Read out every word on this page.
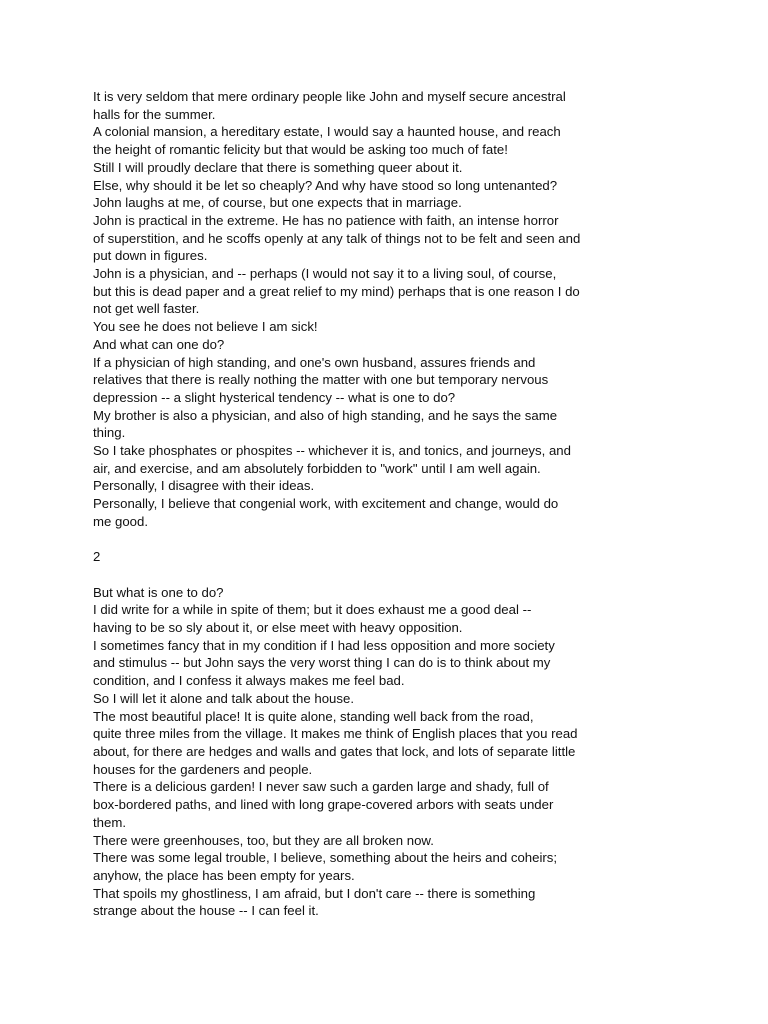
It is very seldom that mere ordinary people like John and myself secure ancestral
halls for the summer.
A colonial mansion, a hereditary estate, I would say a haunted house, and reach
the height of romantic felicity but that would be asking too much of fate!
Still I will proudly declare that there is something queer about it.
Else, why should it be let so cheaply? And why have stood so long untenanted?
John laughs at me, of course, but one expects that in marriage.
John is practical in the extreme. He has no patience with faith, an intense horror
of superstition, and he scoffs openly at any talk of things not to be felt and seen and
put down in figures.
John is a physician, and -- perhaps (I would not say it to a living soul, of course,
but this is dead paper and a great relief to my mind) perhaps that is one reason I do
not get well faster.
You see he does not believe I am sick!
And what can one do?
If a physician of high standing, and one's own husband, assures friends and
relatives that there is really nothing the matter with one but temporary nervous
depression -- a slight hysterical tendency -- what is one to do?
My brother is also a physician, and also of high standing, and he says the same
thing.
So I take phosphates or phospites -- whichever it is, and tonics, and journeys, and
air, and exercise, and am absolutely forbidden to "work" until I am well again.
Personally, I disagree with their ideas.
Personally, I believe that congenial work, with excitement and change, would do
me good.
2
But what is one to do?
I did write for a while in spite of them; but it does exhaust me a good deal --
having to be so sly about it, or else meet with heavy opposition.
I sometimes fancy that in my condition if I had less opposition and more society
and stimulus -- but John says the very worst thing I can do is to think about my
condition, and I confess it always makes me feel bad.
So I will let it alone and talk about the house.
The most beautiful place! It is quite alone, standing well back from the road,
quite three miles from the village. It makes me think of English places that you read
about, for there are hedges and walls and gates that lock, and lots of separate little
houses for the gardeners and people.
There is a delicious garden! I never saw such a garden large and shady, full of
box-bordered paths, and lined with long grape-covered arbors with seats under
them.
There were greenhouses, too, but they are all broken now.
There was some legal trouble, I believe, something about the heirs and coheirs;
anyhow, the place has been empty for years.
That spoils my ghostliness, I am afraid, but I don't care -- there is something
strange about the house -- I can feel it.
